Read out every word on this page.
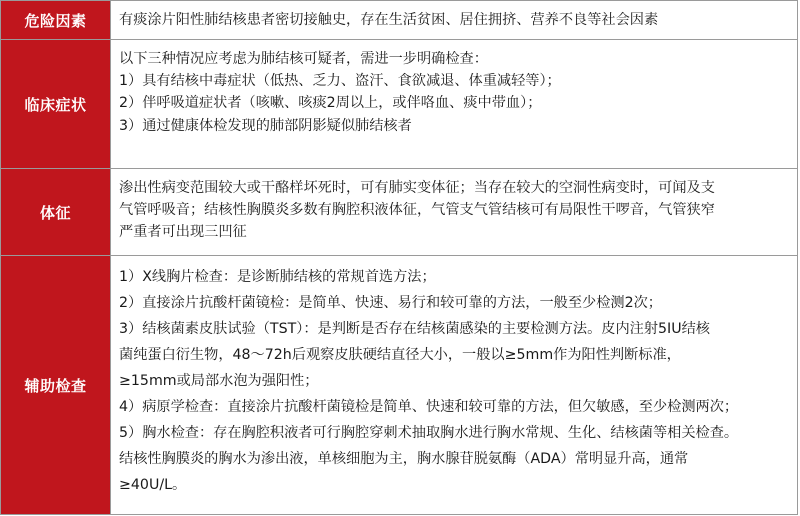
危险因素	有痰涂片阳性肺结核患者密切接触史，存在生活贫困、居住拥挤、营养不良等社会因素
临床症状
以下三种情况应考虑为肺结核可疑者，需进一步明确检查：
1）具有结核中毒症状（低热、乏力、盗汗、食欲减退、体重减轻等）；
2）伴呼吸道症状者（咳嗽、咳痰2周以上，或伴咯血、痰中带血）；
3）通过健康体检发现的肺部阴影疑似肺结核者
体征
渗出性病变范围较大或干酪样坏死时，可有肺实变体征；当存在较大的空洞性病变时，可闻及支
气管呼吸音；结核性胸膜炎多数有胸腔积液体征，气管支气管结核可有局限性干啰音，气管狭窄
严重者可出现三凹征
辅助检查
1）X线胸片检查：是诊断肺结核的常规首选方法；
2）直接涂片抗酸杆菌镜检：是简单、快速、易行和较可靠的方法，一般至少检测2次；
3）结核菌素皮肤试验（TST）：是判断是否存在结核菌感染的主要检测方法。皮内注射5IU结核
菌纯蛋白衍生物，48～72h后观察皮肤硬结直径大小，一般以≥5mm作为阳性判断标准，
≥15mm或局部水泡为强阳性；
4）病原学检查：直接涂片抗酸杆菌镜检是简单、快速和较可靠的方法，但欠敏感，至少检测两次；
5）胸水检查：存在胸腔积液者可行胸腔穿刺术抽取胸水进行胸水常规、生化、结核菌等相关检查。
结核性胸膜炎的胸水为渗出液，单核细胞为主，胸水腺苷脱氨酶（ADA）常明显升高，通常
≥40U/L。
